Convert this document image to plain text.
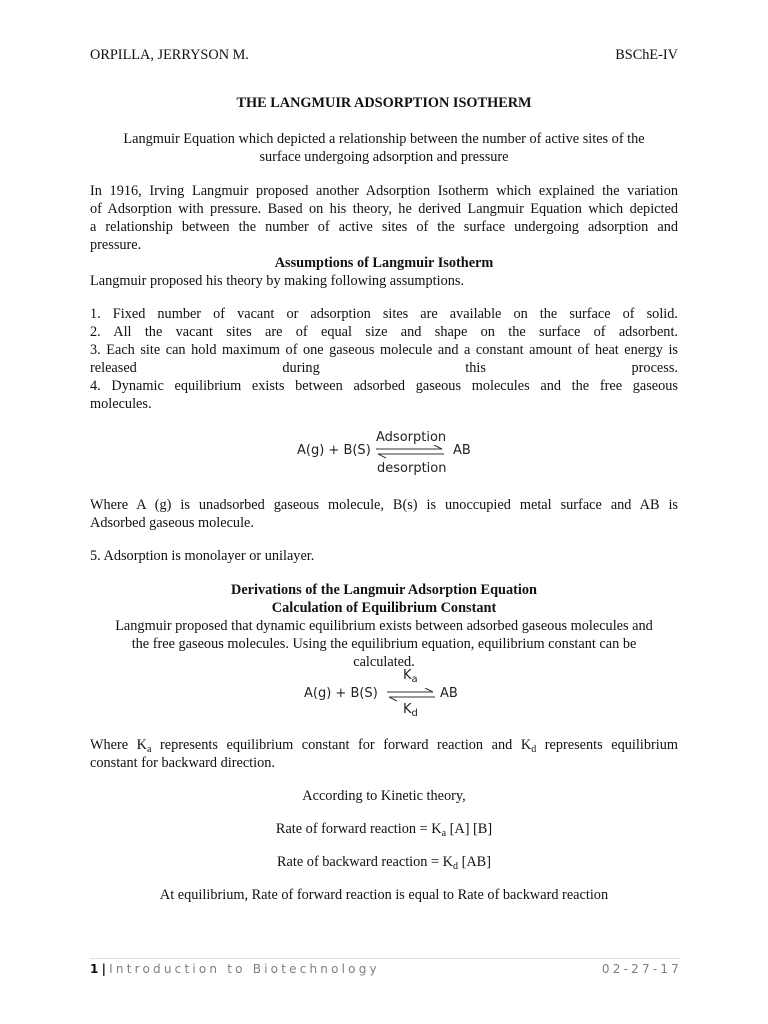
ORPILLA, JERRYSON M.	BSChE-IV
THE LANGMUIR ADSORPTION ISOTHERM
Langmuir Equation which depicted a relationship between the number of active sites of the
surface undergoing adsorption and pressure
In 1916, Irving Langmuir proposed another Adsorption Isotherm which explained the variation
of Adsorption with pressure. Based on his theory, he derived Langmuir Equation which depicted
a relationship between the number of active sites of the surface undergoing adsorption and
pressure.
Assumptions of Langmuir Isotherm
Langmuir proposed his theory by making following assumptions.
1. Fixed number of vacant or adsorption sites are available on the surface of solid.
2. All the vacant sites are of equal size and shape on the surface of adsorbent.
3. Each site can hold maximum of one gaseous molecule and a constant amount of heat energy is
released	during	this	process.
4. Dynamic equilibrium exists between adsorbed gaseous molecules and the free gaseous
molecules.
A(g) + B(S)
Adsorption
desorption
AB
Where A (g) is unadsorbed gaseous molecule, B(s) is unoccupied metal surface and AB is
Adsorbed gaseous molecule.
5. Adsorption is monolayer or unilayer.
Derivations of the Langmuir Adsorption Equation
Calculation of Equilibrium Constant
Langmuir proposed that dynamic equilibrium exists between adsorbed gaseous molecules and
the free gaseous molecules. Using the equilibrium equation, equilibrium constant can be
calculated.
A(g) + B(S)
$K_a$
$K_d$
⇌ AB
Where $K_a$ represents equilibrium constant for forward reaction and $K_d$ represents equilibrium
constant for backward direction.
According to Kinetic theory,
Rate of forward reaction = $K_a$ [A] [B]
Rate of backward reaction = $K_d$ [AB]
At equilibrium, Rate of forward reaction is equal to Rate of backward reaction
1|Introduction to Biotechnology	02-27-17
